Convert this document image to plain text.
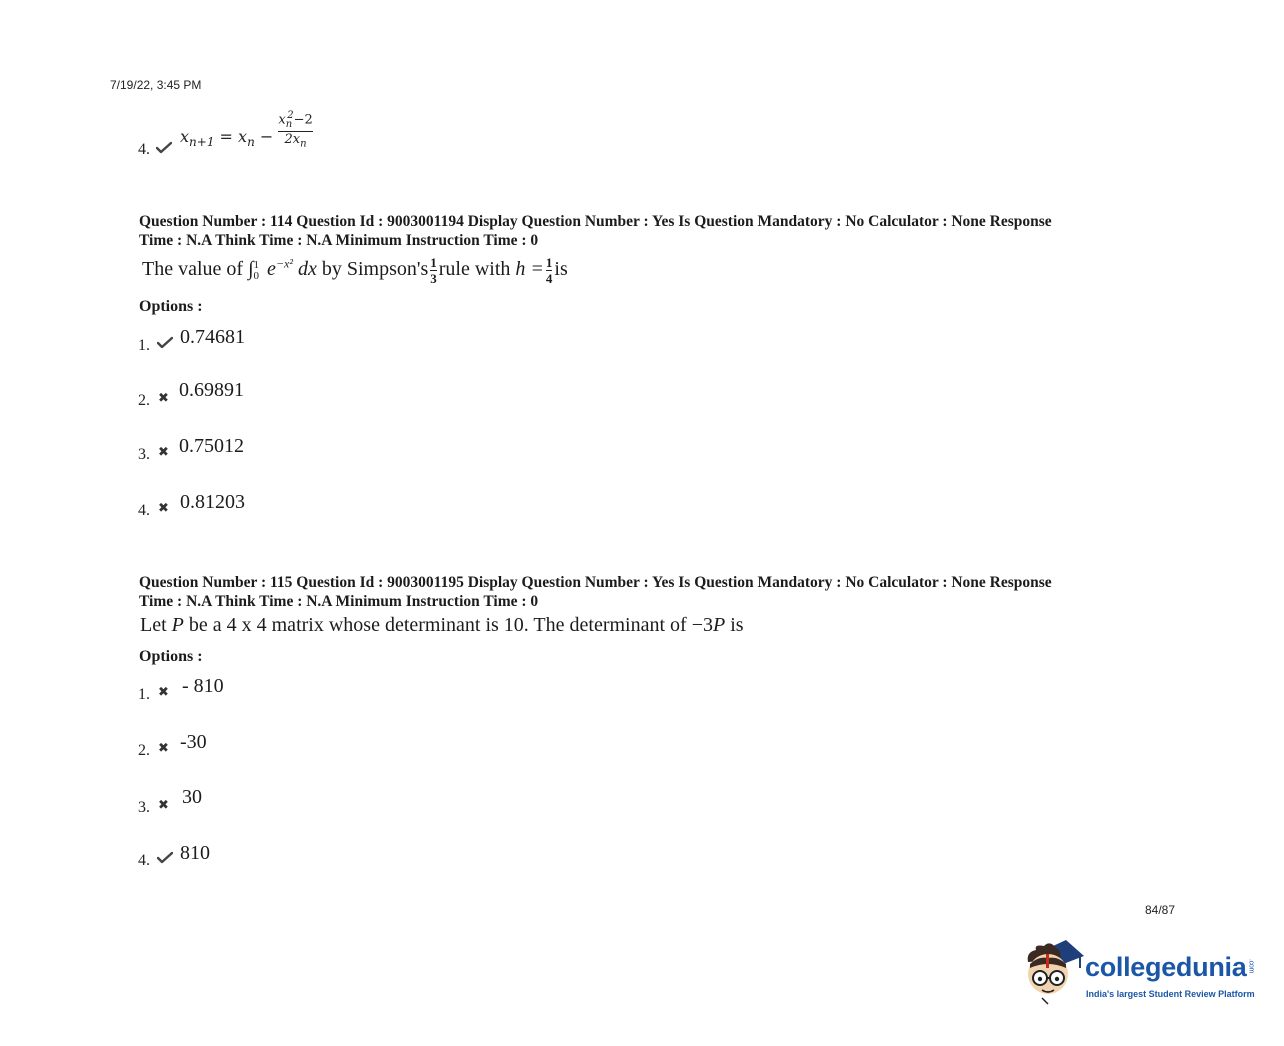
7/19/22, 3:45 PM
4.
$x_{n+1} = x_n - \frac{x_n^2-2}{2x_n}$
Question Number : 114 Question Id : 9003001194 Display Question Number : Yes Is Question Mandatory : No Calculator : None Response
Time : N.A Think Time : N.A Minimum Instruction Time : 0
The value of ∫ 1
0 $e^{-x^2}$ dx by Simpson's $\frac{1}{3}$ rule with $h = \frac{1}{4}$ is
Options :
1. 0.74681
2. ✖ 0.69891
3. ✖ 0.75012
4. ✖ 0.81203
Question Number : 115 Question Id : 9003001195 Display Question Number : Yes Is Question Mandatory : No Calculator : None Response
Time : N.A Think Time : N.A Minimum Instruction Time : 0
Let P be a 4 x 4 matrix whose determinant is 10. The determinant of −3P is
Options :
1. ✖ - 810
2. ✖ -30
3. ✖ 30
4. 810
84/87
collegedunia.com
India's largest Student Review Platform
